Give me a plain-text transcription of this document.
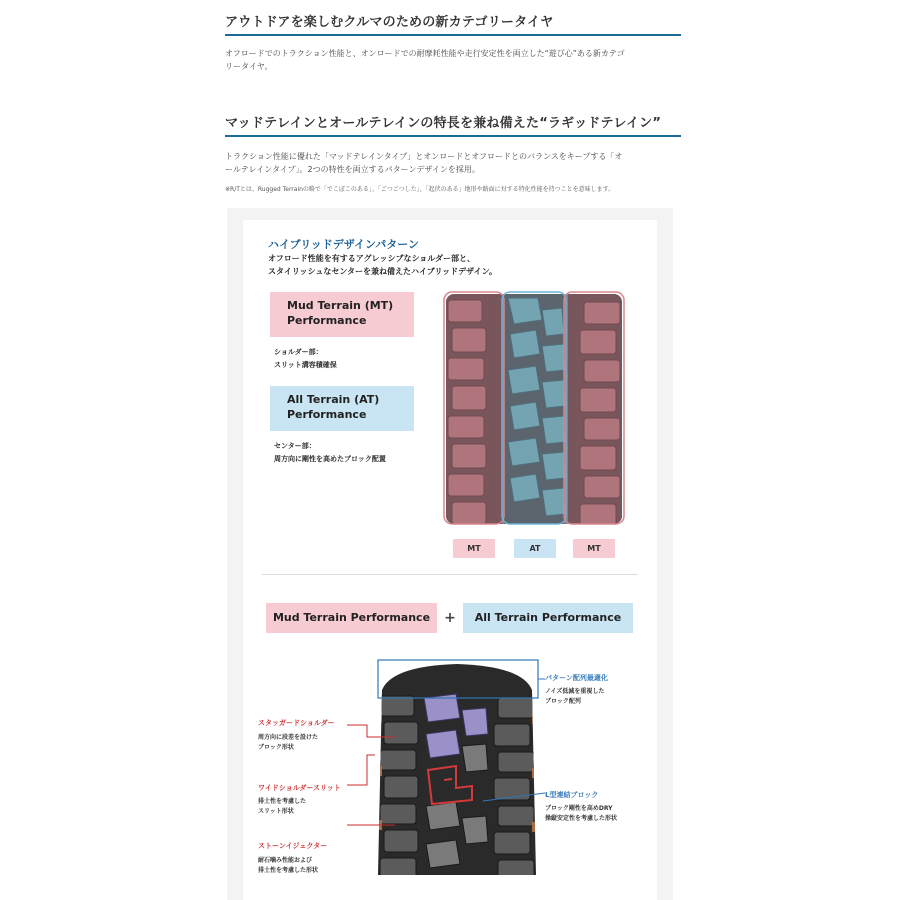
アウトドアを楽しむクルマのための新カテゴリータイヤ
オフロードでのトラクション性能と、オンロードでの耐摩耗性能や走行安定性を両立した“遊び心”ある新カテゴ
リータイヤ。
マッドテレインとオールテレインの特長を兼ね備えた“ラギッドテレイン”
トラクション性能に優れた「マッドテレインタイプ」とオンロードとオフロードとのバランスをキープする「オ
ールテレインタイプ」。2つの特性を両立するパターンデザインを採用。
※R/Tとは、Rugged Terrainの略で「でこぼこのある」、「ごつごつした」、「起伏のある」地形や路面に対する特化性能を持つことを意味します。
ハイブリッドデザインパターン
オフロード性能を有するアグレッシブなショルダー部と、
スタイリッシュなセンターを兼ね備えたハイブリッドデザイン。
Mud Terrain (MT)
Performance
ショルダー部：
スリット溝容積確保
All Terrain (AT)
Performance
センター部：
周方向に剛性を高めたブロック配置
MT	AT	MT
Mud Terrain Performance	+	All Terrain Performance
パターン配列最適化
ノイズ低減を重視した
ブロック配列
スタッガードショルダー
周方向に段差を設けた
ブロック形状
ワイドショルダースリット
排土性を考慮した
スリット形状
L型連結ブロック
ブロック剛性を高めDRY
操縦安定性を考慮した形状
ストーンイジェクター
耐石噛み性能および
排土性を考慮した形状
